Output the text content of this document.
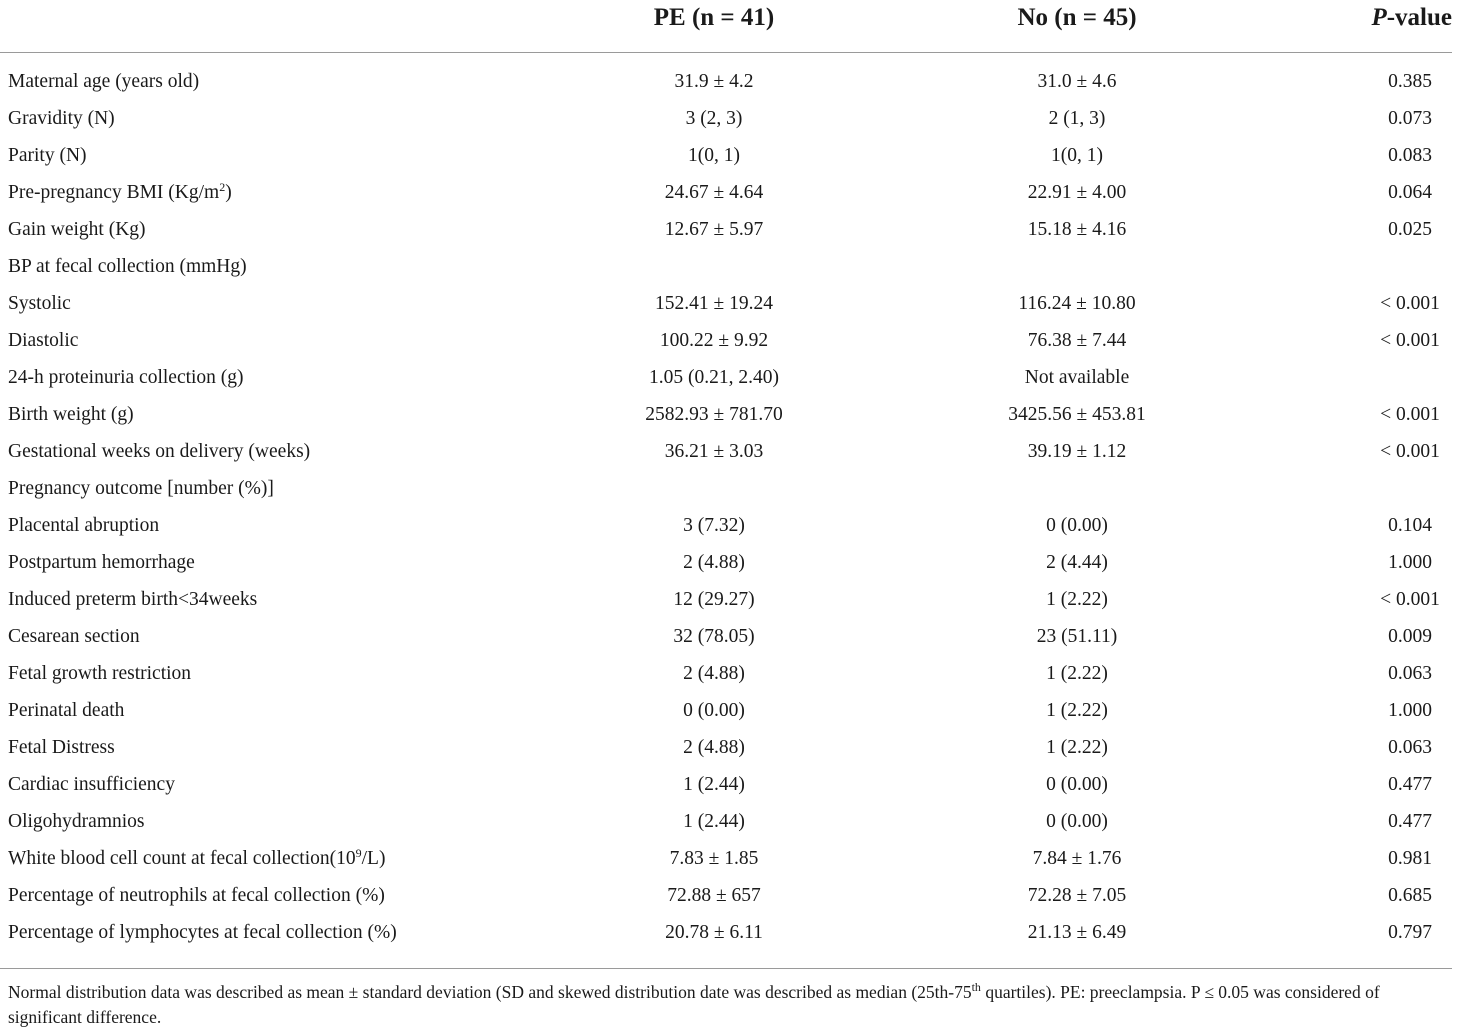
PE (n = 41)	No (n = 45)	P-value
Maternal age (years old)	31.9 ± 4.2	31.0 ± 4.6	0.385
Gravidity (N)	3 (2, 3)	2 (1, 3)	0.073
Parity (N)	1(0, 1)	1(0, 1)	0.083
Pre-pregnancy BMI $(Kg/m^2)$	24.67 ± 4.64	22.91 ± 4.00	0.064
Gain weight (Kg)	12.67 ± 5.97	15.18 ± 4.16	0.025
BP at fecal collection (mmHg)
Systolic	152.41 ± 19.24	116.24 ± 10.80	< 0.001
Diastolic	100.22 ± 9.92	76.38 ± 7.44	< 0.001
24-h proteinuria collection (g)	1.05 (0.21, 2.40)	Not available
Birth weight (g)	2582.93 ± 781.70	3425.56 ± 453.81	< 0.001
Gestational weeks on delivery (weeks)	36.21 ± 3.03	39.19 ± 1.12	< 0.001
Pregnancy outcome [number (%)]
Placental abruption	3 (7.32)	0 (0.00)	0.104
Postpartum hemorrhage	2 (4.88)	2 (4.44)	1.000
Induced preterm birth<34weeks	12 (29.27)	1 (2.22)	< 0.001
Cesarean section	32 (78.05)	23 (51.11)	0.009
Fetal growth restriction	2 (4.88)	1 (2.22)	0.063
Perinatal death	0 (0.00)	1 (2.22)	1.000
Fetal Distress	2 (4.88)	1 (2.22)	0.063
Cardiac insufficiency	1 (2.44)	0 (0.00)	0.477
Oligohydramnios	1 (2.44)	0 (0.00)	0.477
White blood cell count at fecal $collection(10^9/L)$	7.83 ± 1.85	7.84 ± 1.76	0.981
Percentage of neutrophils at fecal collection (%)	72.88 ± 657	72.28 ± 7.05	0.685
Percentage of lymphocytes at fecal collection (%)	20.78 ± 6.11	21.13 ± 6.49	0.797
Normal distribution data was described as mean ± standard deviation (SD and skewed distribution date was described as median (25th-75th quartiles). PE: preeclampsia. P ≤ 0.05 was considered of significant difference.
